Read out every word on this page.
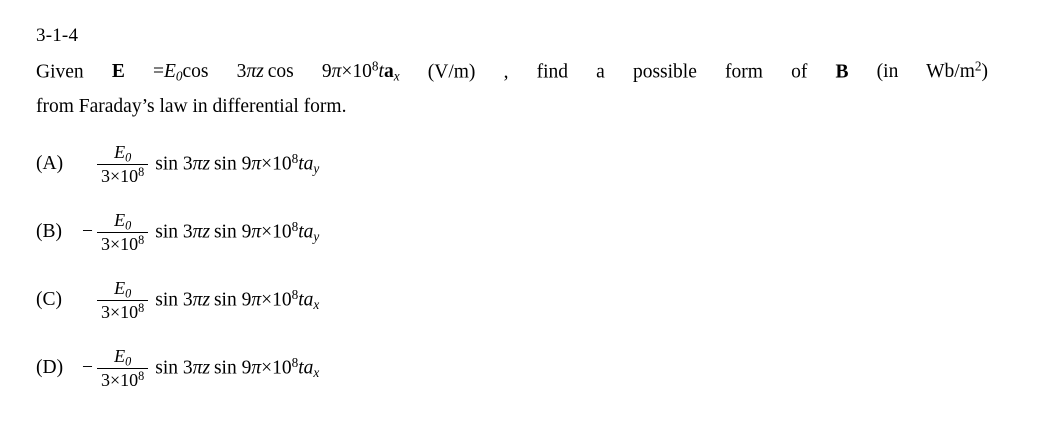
3-1-4
Given $E =E_0\cos$ 3πz  $\cos 9\pi\times 10^8ta_x$ (V/m) , find a possible form of B (in $Wb/m^2$)
from Faraday’s law in differential form.
(A)	$\frac{E_0}{3\times 10^8}$ sin 3πz  $\sin 9\pi\times 10^8ta_y$
(B)	− $\frac{E_0}{3\times 10^8}$ sin 3πz  $\sin 9\pi\times 10^8ta_y$
(C)	$\frac{E_0}{3\times 10^8}$ sin 3πz  $\sin 9\pi\times 10^8ta_x$
$(D) - \frac{E_0}{3\times 10^8}$ sin 3πz  $\sin 9\pi\times 10^8ta_x$
